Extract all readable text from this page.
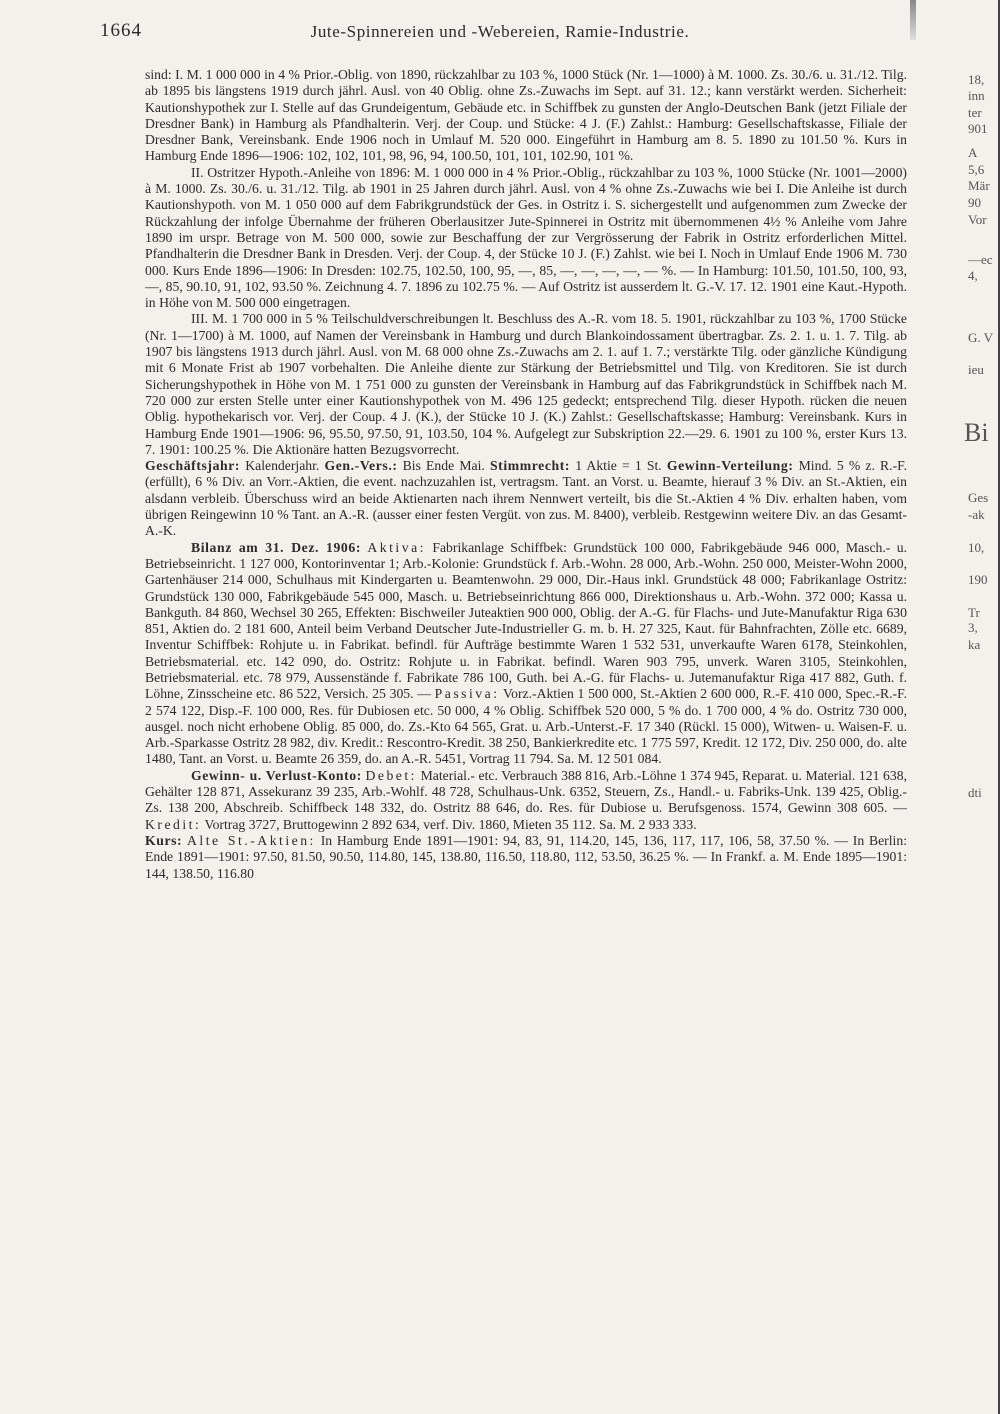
1664	Jute-Spinnereien und -Webereien, Ramie-Industrie.

sind: I. M. 1 000 000 in 4 % Prior.-Oblig. von 1890, rückzahlbar zu 103 %, 1000 Stück (Nr. 1—1000) à M. 1000. Zs. 30./6. u. 31./12. Tilg. ab 1895 bis längstens 1919 durch jährl. Ausl. von 40 Oblig. ohne Zs.-Zuwachs im Sept. auf 31. 12.; kann verstärkt werden. Sicherheit: Kautionshypothek zur I. Stelle auf das Grundeigentum, Gebäude etc. in Schiffbek zu gunsten der Anglo-Deutschen Bank (jetzt Filiale der Dresdner Bank) in Hamburg als Pfandhalterin. Verj. der Coup. und Stücke: 4 J. (F.) Zahlst.: Hamburg: Gesellschaftskasse, Filiale der Dresdner Bank, Vereinsbank. Ende 1906 noch in Umlauf M. 520 000. Eingeführt in Hamburg am 8. 5. 1890 zu 101.50 %. Kurs in Hamburg Ende 1896—1906: 102, 102, 101, 98, 96, 94, 100.50, 101, 101, 102.90, 101 %.

II. Ostritzer Hypoth.-Anleihe von 1896: M. 1 000 000 in 4 % Prior.-Oblig., rückzahlbar zu 103 %, 1000 Stücke (Nr. 1001—2000) à M. 1000. Zs. 30./6. u. 31./12. Tilg. ab 1901 in 25 Jahren durch jährl. Ausl. von 4 % ohne Zs.-Zuwachs wie bei I. Die Anleihe ist durch Kautionshypoth. von M. 1 050 000 auf dem Fabrikgrundstück der Ges. in Ostritz i. S. sichergestellt und aufgenommen zum Zwecke der Rückzahlung der infolge Übernahme der früheren Oberlausitzer Jute-Spinnerei in Ostritz mit übernommenen 4½ % Anleihe vom Jahre 1890 im urspr. Betrage von M. 500 000, sowie zur Beschaffung der zur Vergrösserung der Fabrik in Ostritz erforderlichen Mittel. Pfandhalterin die Dresdner Bank in Dresden. Verj. der Coup. 4, der Stücke 10 J. (F.) Zahlst. wie bei I. Noch in Umlauf Ende 1906 M. 730 000. Kurs Ende 1896—1906: In Dresden: 102.75, 102.50, 100, 95, —, 85, —, —, —, —, — %. — In Hamburg: 101.50, 101.50, 100, 93, —, 85, 90.10, 91, 102, 93.50 %. Zeichnung 4. 7. 1896 zu 102.75 %. — Auf Ostritz ist ausserdem lt. G.-V. 17. 12. 1901 eine Kaut.-Hypoth. in Höhe von M. 500 000 eingetragen.

III. M. 1 700 000 in 5 % Teilschuldverschreibungen lt. Beschluss des A.-R. vom 18. 5. 1901, rückzahlbar zu 103 %, 1700 Stücke (Nr. 1—1700) à M. 1000, auf Namen der Vereinsbank in Hamburg und durch Blankoindossament übertragbar. Zs. 2. 1. u. 1. 7. Tilg. ab 1907 bis längstens 1913 durch jährl. Ausl. von M. 68 000 ohne Zs.-Zuwachs am 2. 1. auf 1. 7.; verstärkte Tilg. oder gänzliche Kündigung mit 6 Monate Frist ab 1907 vorbehalten. Die Anleihe diente zur Stärkung der Betriebsmittel und Tilg. von Kreditoren. Sie ist durch Sicherungshypothek in Höhe von M. 1 751 000 zu gunsten der Vereinsbank in Hamburg auf das Fabrikgrundstück in Schiffbek nach M. 720 000 zur ersten Stelle unter einer Kautionshypothek von M. 496 125 gedeckt; entsprechend Tilg. dieser Hypoth. rücken die neuen Oblig. hypothekarisch vor. Verj. der Coup. 4 J. (K.), der Stücke 10 J. (K.) Zahlst.: Gesellschaftskasse; Hamburg: Vereinsbank. Kurs in Hamburg Ende 1901—1906: 96, 95.50, 97.50, 91, 103.50, 104 %. Aufgelegt zur Subskription 22.—29. 6. 1901 zu 100 %, erster Kurs 13. 7. 1901: 100.25 %. Die Aktionäre hatten Bezugsvorrecht.

Geschäftsjahr: Kalenderjahr. Gen.-Vers.: Bis Ende Mai. Stimmrecht: 1 Aktie = 1 St. Gewinn-Verteilung: Mind. 5 % z. R.-F. (erfüllt), 6 % Div. an Vorr.-Aktien, die event. nachzuzahlen ist, vertragsm. Tant. an Vorst. u. Beamte, hierauf 3 % Div. an St.-Aktien, ein alsdann verbleib. Überschuss wird an beide Aktienarten nach ihrem Nennwert verteilt, bis die St.-Aktien 4 % Div. erhalten haben, vom übrigen Reingewinn 10 % Tant. an A.-R. (ausser einer festen Vergüt. von zus. M. 8400), verbleib. Restgewinn weitere Div. an das Gesamt-A.-K.

Bilanz am 31. Dez. 1906: Aktiva: Fabrikanlage Schiffbek: Grundstück 100 000, Fabrikgebäude 946 000, Masch.- u. Betriebseinricht. 1 127 000, Kontorinventar 1; Arb.-Kolonie: Grundstück f. Arb.-Wohn. 28 000, Arb.-Wohn. 250 000, Meister-Wohn 2000, Gartenhäuser 214 000, Schulhaus mit Kindergarten u. Beamtenwohn. 29 000, Dir.-Haus inkl. Grundstück 48 000; Fabrikanlage Ostritz: Grundstück 130 000, Fabrikgebäude 545 000, Masch. u. Betriebseinrichtung 866 000, Direktionshaus u. Arb.-Wohn. 372 000; Kassa u. Bankguth. 84 860, Wechsel 30 265, Effekten: Bischweiler Juteaktien 900 000, Oblig. der A.-G. für Flachs- und Jute-Manufaktur Riga 630 851, Aktien do. 2 181 600, Anteil beim Verband Deutscher Jute-Industrieller G. m. b. H. 27 325, Kaut. für Bahnfrachten, Zölle etc. 6689, Inventur Schiffbek: Rohjute u. in Fabrikat. befindl. für Aufträge bestimmte Waren 1 532 531, unverkaufte Waren 6178, Steinkohlen, Betriebsmaterial. etc. 142 090, do. Ostritz: Rohjute u. in Fabrikat. befindl. Waren 903 795, unverk. Waren 3105, Steinkohlen, Betriebsmaterial. etc. 78 979, Aussenstände f. Fabrikate 786 100, Guth. bei A.-G. für Flachs- u. Jutemanufaktur Riga 417 882, Guth. f. Löhne, Zinsscheine etc. 86 522, Versich. 25 305. — Passiva: Vorz.-Aktien 1 500 000, St.-Aktien 2 600 000, R.-F. 410 000, Spec.-R.-F. 2 574 122, Disp.-F. 100 000, Res. für Dubiosen etc. 50 000, 4 % Oblig. Schiffbek 520 000, 5 % do. 1 700 000, 4 % do. Ostritz 730 000, ausgel. noch nicht erhobene Oblig. 85 000, do. Zs.-Kto 64 565, Grat. u. Arb.-Unterst.-F. 17 340 (Rückl. 15 000), Witwen- u. Waisen-F. u. Arb.-Sparkasse Ostritz 28 982, div. Kredit.: Rescontro-Kredit. 38 250, Bankierkredite etc. 1 775 597, Kredit. 12 172, Div. 250 000, do. alte 1480, Tant. an Vorst. u. Beamte 26 359, do. an A.-R. 5451, Vortrag 11 794. Sa. M. 12 501 084.

Gewinn- u. Verlust-Konto: Debet: Material.- etc. Verbrauch 388 816, Arb.-Löhne 1 374 945, Reparat. u. Material. 121 638, Gehälter 128 871, Assekuranz 39 235, Arb.-Wohlf. 48 728, Schulhaus-Unk. 6352, Steuern, Zs., Handl.- u. Fabriks-Unk. 139 425, Oblig.-Zs. 138 200, Abschreib. Schiffbeck 148 332, do. Ostritz 88 646, do. Res. für Dubiose u. Berufsgenoss. 1574, Gewinn 308 605. — Kredit: Vortrag 3727, Bruttogewinn 2 892 634, verf. Div. 1860, Mieten 35 112. Sa. M. 2 933 333.

Kurs: Alte St.-Aktien: In Hamburg Ende 1891—1901: 94, 83, 91, 114.20, 145, 136, 117, 117, 106, 58, 37.50 %. — In Berlin: Ende 1891—1901: 97.50, 81.50, 90.50, 114.80, 145, 138.80, 116.50, 118.80, 112, 53.50, 36.25 %. — In Frankf. a. M. Ende 1895—1901: 144, 138.50, 116.80

18,
inn
ter
901
A
5,6
Mär
90
Vor
—ec
4,
G. V
ieu
Bi
Ges
-ak
10,
190
Tr
3,
ka
dti
